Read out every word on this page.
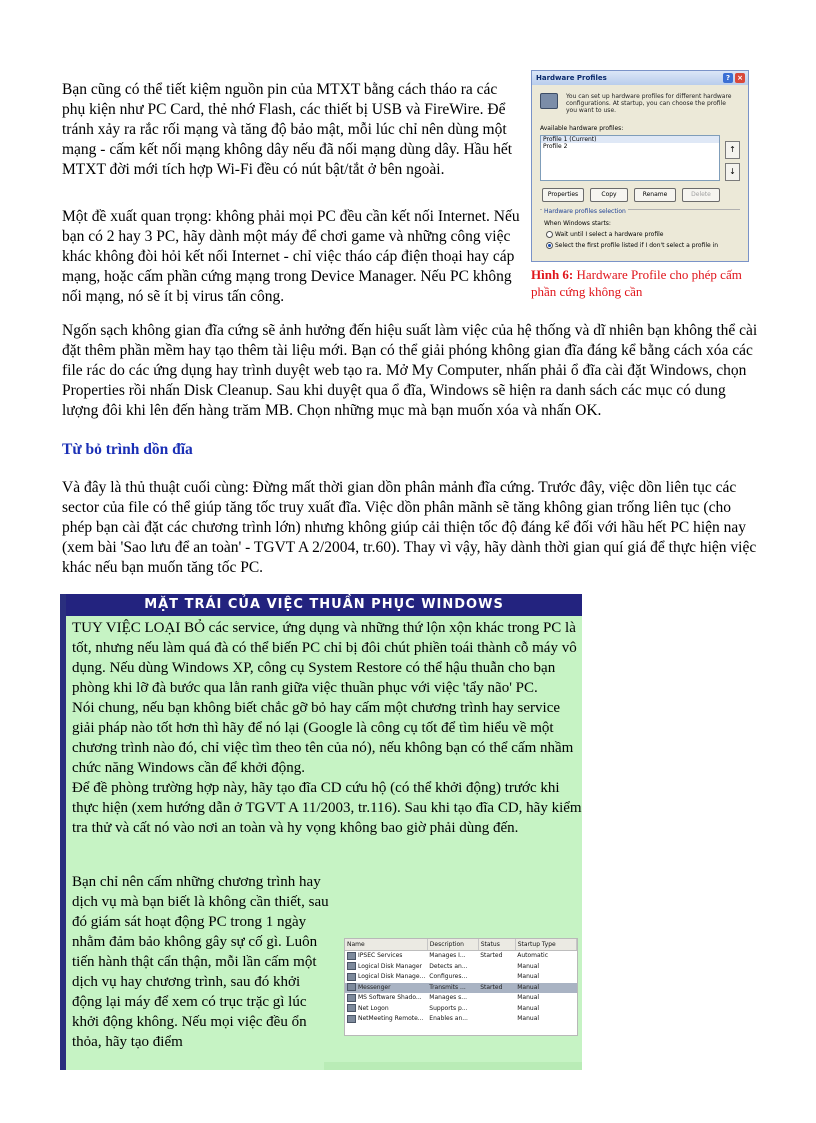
Bạn cũng có thể tiết kiệm nguồn pin của MTXT bằng cách tháo ra các phụ kiện như PC Card, thẻ nhớ Flash, các thiết bị USB và FireWire. Để tránh xảy ra rắc rối mạng và tăng độ bảo mật, mỗi lúc chỉ nên dùng một mạng - cấm kết nối mạng không dây nếu đã nối mạng dùng dây. Hầu hết MTXT đời mới tích hợp Wi-Fi đều có nút bật/tắt ở bên ngoài.

Một đề xuất quan trọng: không phải mọi PC đều cần kết nối Internet. Nếu bạn có 2 hay 3 PC, hãy dành một máy để chơi game và những công việc khác không đòi hỏi kết nối Internet - chỉ việc tháo cáp điện thoại hay cáp mạng, hoặc cấm phần cứng mạng trong Device Manager. Nếu PC không nối mạng, nó sẽ ít bị virus tấn công.

Hardware Profiles	?	×
You can set up hardware profiles for different hardware configurations. At startup, you can choose the profile you want to use.
Available hardware profiles:
Profile 1 (Current)
Profile 2	↑
↓
Properties	Copy	Rename	Delete
Hardware profiles selection
When Windows starts:
Wait until I select a hardware profile
Select the first profile listed if I don't select a profile in
Hình 6: Hardware Profile cho phép cấm phần cứng không cần

Ngốn sạch không gian đĩa cứng sẽ ảnh hưởng đến hiệu suất làm việc của hệ thống và dĩ nhiên bạn không thể cài đặt thêm phần mềm hay tạo thêm tài liệu mới. Bạn có thể giải phóng không gian đĩa đáng kể bằng cách xóa các file rác do các ứng dụng hay trình duyệt web tạo ra. Mở My Computer, nhấn phải ổ đĩa cài đặt Windows, chọn Properties rồi nhấn Disk Cleanup. Sau khi duyệt qua ổ đĩa, Windows sẽ hiện ra danh sách các mục có dung lượng đôi khi lên đến hàng trăm MB. Chọn những mục mà bạn muốn xóa và nhấn OK.

Từ bỏ trình dồn đĩa

Và đây là thủ thuật cuối cùng: Đừng mất thời gian dồn phân mảnh đĩa cứng. Trước đây, việc dồn liên tục các sector của file có thể giúp tăng tốc truy xuất đĩa. Việc dồn phân mãnh sẽ tăng không gian trống liên tục (cho phép bạn cài đặt các chương trình lớn) nhưng không giúp cải thiện tốc độ đáng kể đối với hầu hết PC hiện nay (xem bài 'Sao lưu để an toàn' - TGVT A 2/2004, tr.60). Thay vì vậy, hãy dành thời gian quí giá để thực hiện việc khác nếu bạn muốn tăng tốc PC.

MẶT TRÁI CỦA VIỆC THUẦN PHỤC WINDOWS

TUY VIỆC LOẠI BỎ các service, ứng dụng và những thứ lộn xộn khác trong PC là tốt, nhưng nếu làm quá đà có thể biến PC chỉ bị đôi chút phiền toái thành cỗ máy vô dụng. Nếu dùng Windows XP, công cụ System Restore có thể hậu thuẫn cho bạn phòng khi lỡ đà bước qua lằn ranh giữa việc thuần phục với việc 'tẩy não' PC.

Nói chung, nếu bạn không biết chắc gỡ bỏ hay cấm một chương trình hay service giải pháp nào tốt hơn thì hãy để nó lại (Google là công cụ tốt để tìm hiểu về một chương trình nào đó, chỉ việc tìm theo tên của nó), nếu không bạn có thể cấm nhầm chức năng Windows cần để khởi động.

Để đề phòng trường hợp này, hãy tạo đĩa CD cứu hộ (có thể khởi động) trước khi thực hiện (xem hướng dẫn ở TGVT A 11/2003, tr.116). Sau khi tạo đĩa CD, hãy kiểm tra thử và cất nó vào nơi an toàn và hy vọng không bao giờ phải dùng đến.

Bạn chỉ nên cấm những chương trình hay dịch vụ mà bạn biết là không cần thiết, sau đó giám sát hoạt động PC trong 1 ngày nhằm đảm bảo không gây sự cố gì. Luôn tiến hành thật cẩn thận, mỗi lần cấm một dịch vụ hay chương trình, sau đó khởi động lại máy để xem có trục trặc gì lúc khởi động không. Nếu mọi việc đều ổn thỏa, hãy tạo điểm

Name	Description	Status	Startup Type
IPSEC Services	Manages I...	Started	Automatic
Logical Disk Manager	Detects an...		Manual
Logical Disk Manage...	Configures...		Manual
Messenger	Transmits ...	Started	Manual
MS Software Shado...	Manages s...		Manual
Net Logon	Supports p...		Manual
NetMeeting Remote...	Enables an...		Manual
